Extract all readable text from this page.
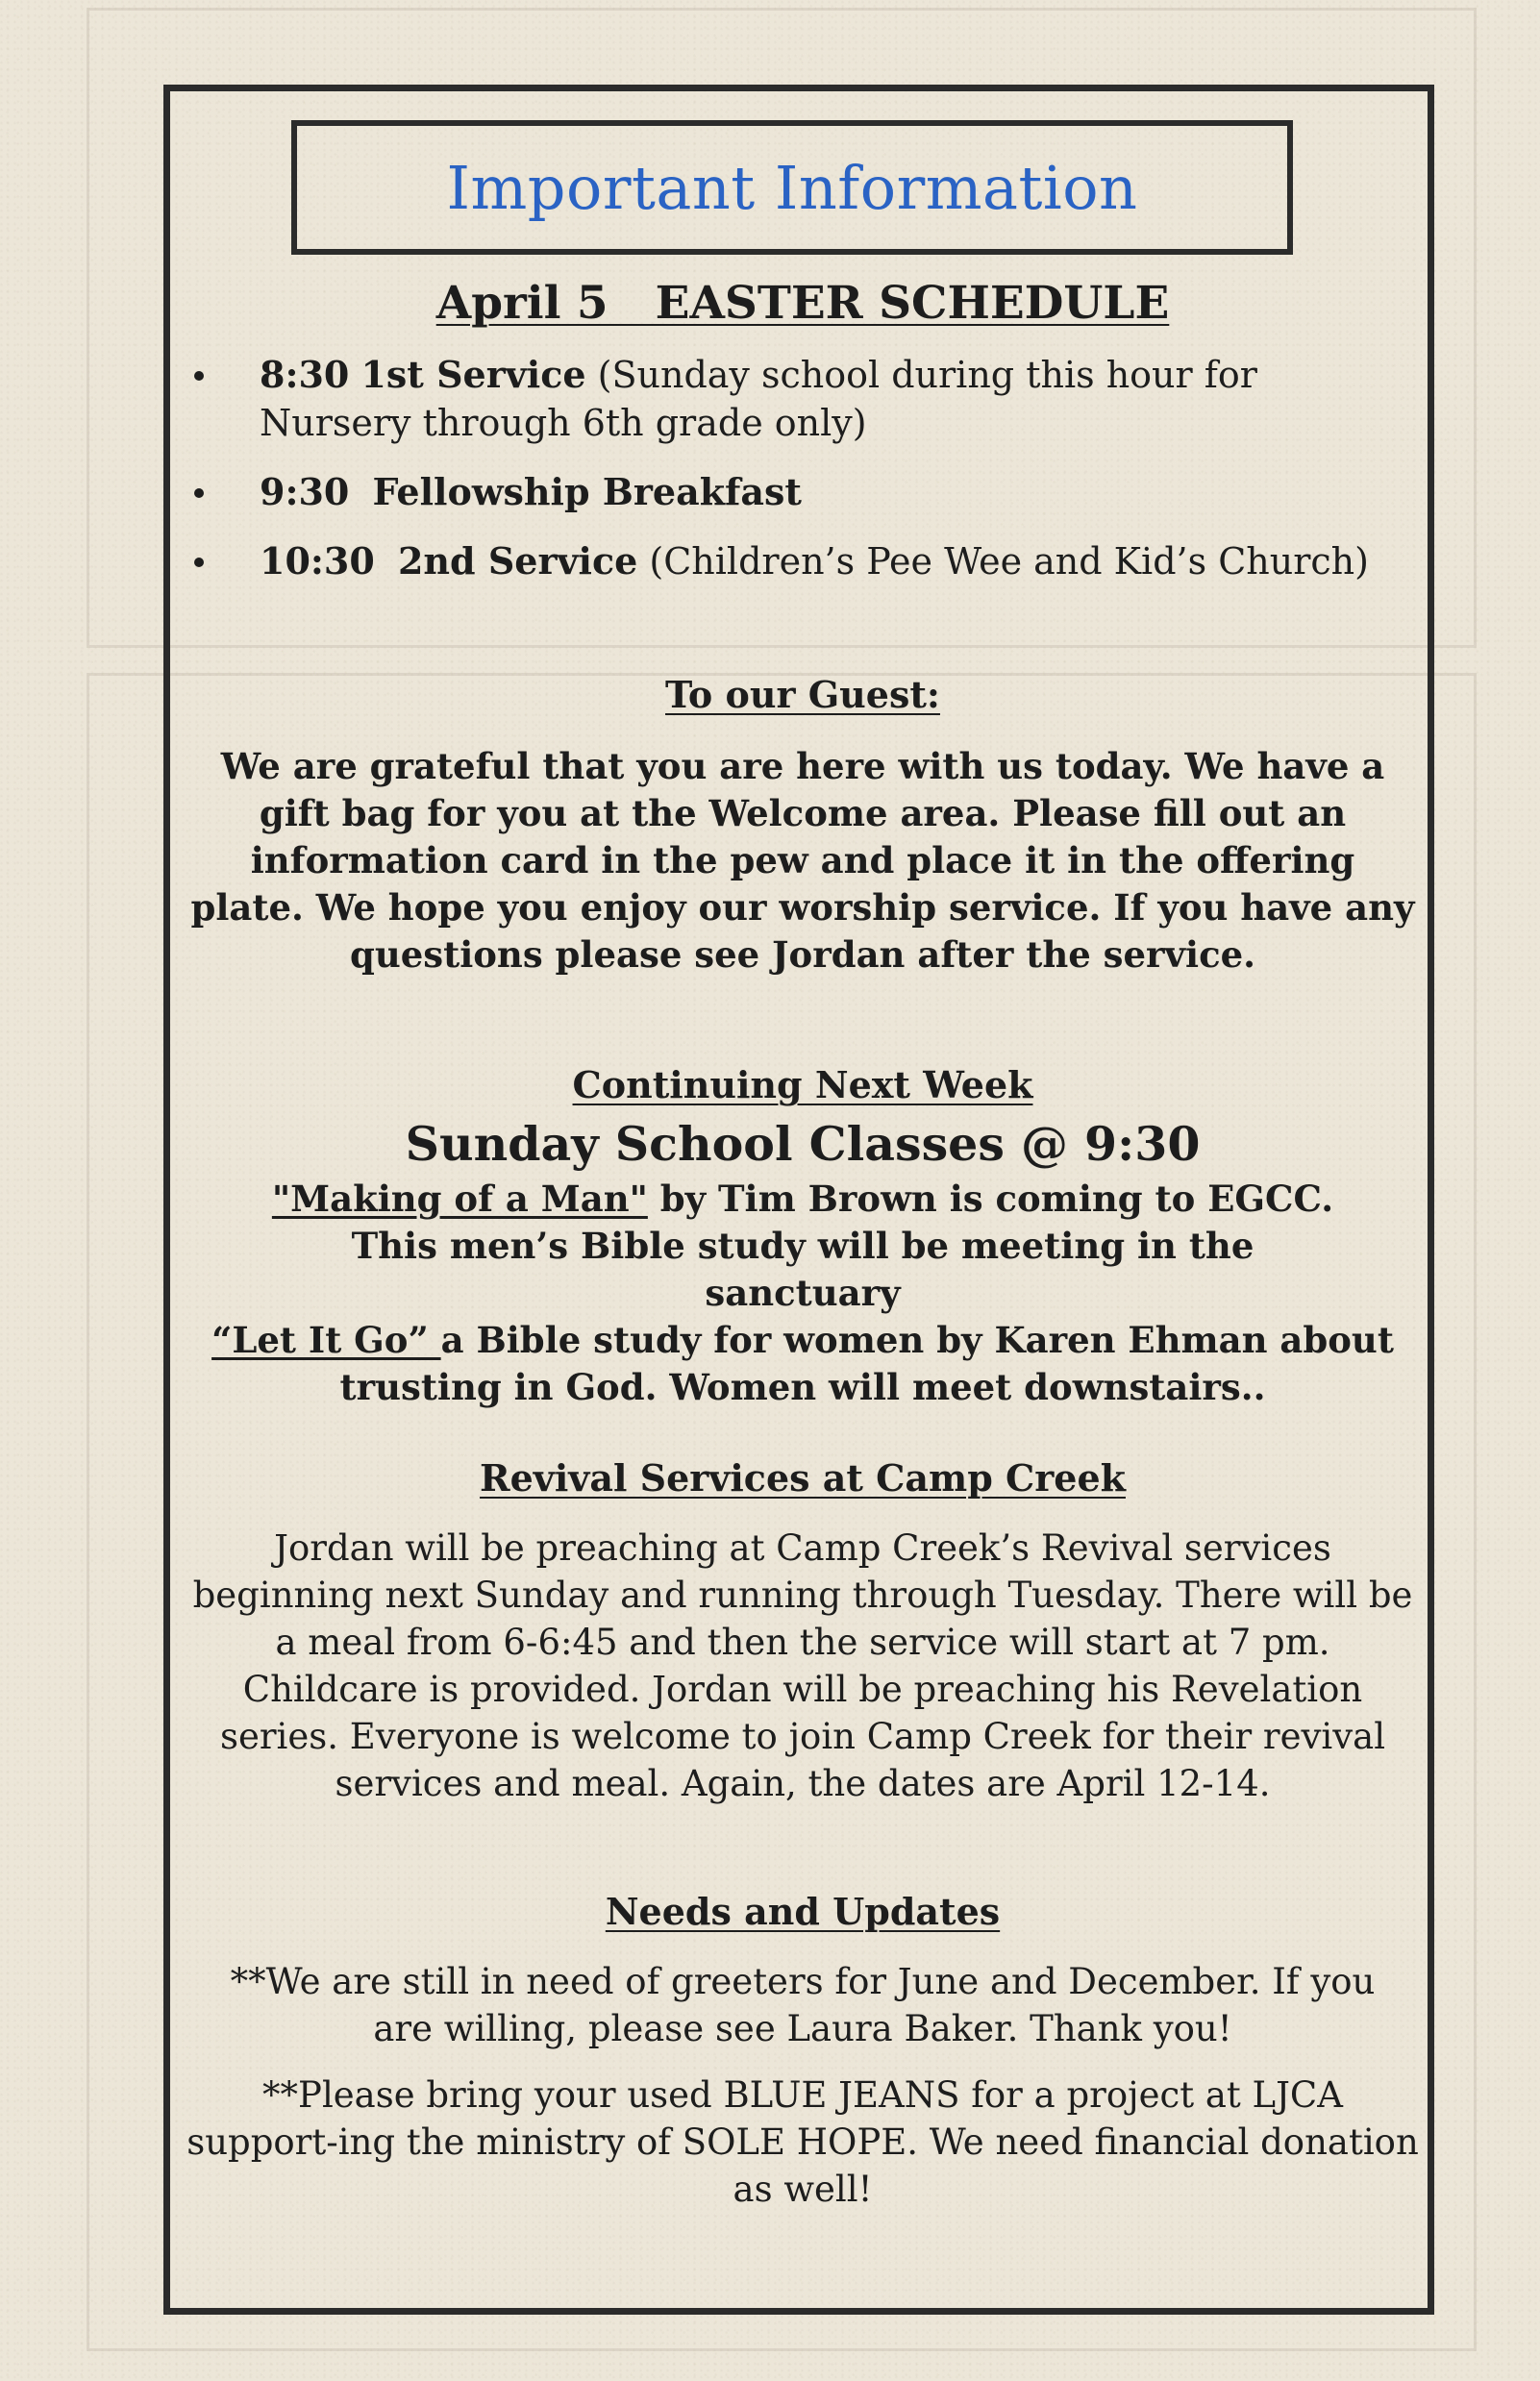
Important Information
April 5   EASTER SCHEDULE
8:30 1st Service (Sunday school during this hour for Nursery through 6th grade only)
9:30 Fellowship Breakfast
10:30 2nd Service (Children’s Pee Wee and Kid’s Church)
To our Guest:

We are grateful that you are here with us today. We have a gift bag for you at the Welcome area. Please fill out an information card in the pew and place it in the offering plate. We hope you enjoy our worship service. If you have any questions please see Jordan after the service.

Continuing Next Week

Sunday School Classes @ 9:30

"Making of a Man" by Tim Brown is coming to EGCC. This men’s Bible study will be meeting in the sanctuary

“Let It Go” a Bible study for women by Karen Ehman about trusting in God. Women will meet downstairs..

Revival Services at Camp Creek

Jordan will be preaching at Camp Creek’s Revival services beginning next Sunday and running through Tuesday. There will be a meal from 6-6:45 and then the service will start at 7 pm. Childcare is provided. Jordan will be preaching his Revelation series. Everyone is welcome to join Camp Creek for their revival services and meal. Again, the dates are April 12-14.

Needs and Updates

**We are still in need of greeters for June and December. If you are willing, please see Laura Baker. Thank you!

**Please bring your used BLUE JEANS for a project at LJCA support-ing the ministry of SOLE HOPE. We need financial donation as well!
